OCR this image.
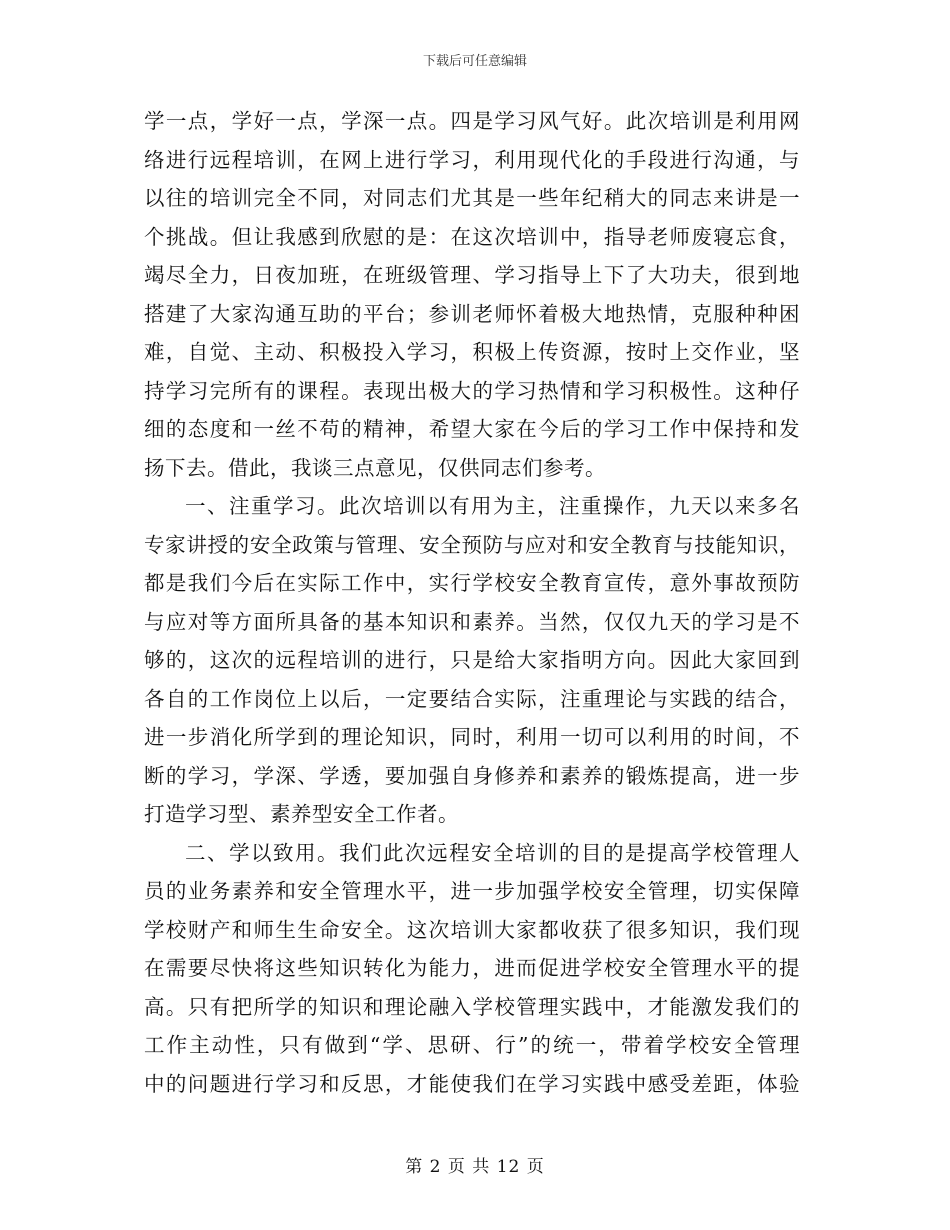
下载后可任意编辑
学一点，学好一点，学深一点。四是学习风气好。此次培训是利用网
络进行远程培训，在网上进行学习，利用现代化的手段进行沟通，与
以往的培训完全不同，对同志们尤其是一些年纪稍大的同志来讲是一
个挑战。但让我感到欣慰的是：在这次培训中，指导老师废寝忘食，
竭尽全力，日夜加班，在班级管理、学习指导上下了大功夫，很到地
搭建了大家沟通互助的平台；参训老师怀着极大地热情，克服种种困
难，自觉、主动、积极投入学习，积极上传资源，按时上交作业，坚
持学习完所有的课程。表现出极大的学习热情和学习积极性。这种仔
细的态度和一丝不苟的精神，希望大家在今后的学习工作中保持和发
扬下去。借此，我谈三点意见，仅供同志们参考。
一、注重学习。此次培训以有用为主，注重操作，九天以来多名
专家讲授的安全政策与管理、安全预防与应对和安全教育与技能知识，
都是我们今后在实际工作中，实行学校安全教育宣传，意外事故预防
与应对等方面所具备的基本知识和素养。当然，仅仅九天的学习是不
够的，这次的远程培训的进行，只是给大家指明方向。因此大家回到
各自的工作岗位上以后，一定要结合实际，注重理论与实践的结合，
进一步消化所学到的理论知识，同时，利用一切可以利用的时间，不
断的学习，学深、学透，要加强自身修养和素养的锻炼提高，进一步
打造学习型、素养型安全工作者。
二、学以致用。我们此次远程安全培训的目的是提高学校管理人
员的业务素养和安全管理水平，进一步加强学校安全管理，切实保障
学校财产和师生生命安全。这次培训大家都收获了很多知识，我们现
在需要尽快将这些知识转化为能力，进而促进学校安全管理水平的提
高。只有把所学的知识和理论融入学校管理实践中，才能激发我们的
工作主动性，只有做到“学、思研、行”的统一，带着学校安全管理
中的问题进行学习和反思，才能使我们在学习实践中感受差距，体验
第 2 页 共 12 页
